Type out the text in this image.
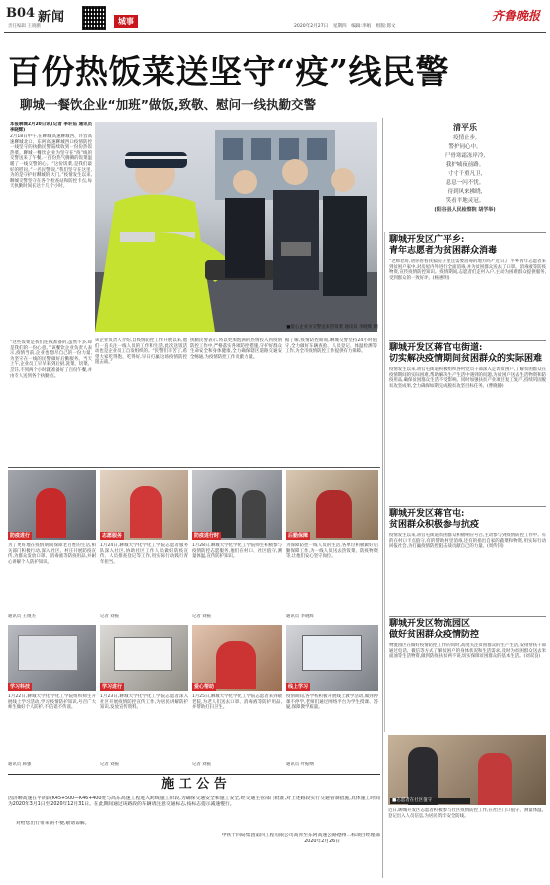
B04 新闻
责任编辑 王晓鹏
城事
2020年2月27日　星期四　编辑:李娟　组版:郎文
齐鲁晚报
百份热饭菜送坚守“疫”线民警
聊城一餐饮企业“加班”做饭,致敬、慰问一线执勤交警
本报聊城2月20日讯(记者 李轩茹 通讯员 李晓辉)
2月18日中午,在聊城高速聊城西、许营高速聊城北口、东阿高速聊城西口疫情防控一线坚守的执勤民警陆续收到一份份热饭热菜。聊城一餐饮企业为坚守在“疫”线的交警送来了午餐,一百份热气腾腾的饭菜温暖了一线交警的心。“这份饭菜,是我们最好的慰问。”一名民警说,“我们坚守在这里,为的是守护好聊城的大门。”疫情发生以来,聊城交警坚守在各个检查站和防控卡点,每天执勤时间长达十几个小时。
■爱心企业为交警送来热饭菜 通讯员 李晓辉 摄
“这些饭菜是我们连夜准备的,虽然不多,却是我们的一份心意。”该餐饮企业负责人表示,疫情当前,企业也想尽自己的一份力量,为坚守在一线的民警做好后勤服务。当天上午,企业员工早早来到后厨,洗菜、切菜、烹饪,不到两个小时就准备好了百份午餐,并由专人送到各个执勤点。
该企业负责人介绍,自疫情防控工作开展以来,他们一直关注一线人员的工作和生活,此次送饭活动也是企业员工自发组织的。“民警们辛苦了,希望大家吃得饱、吃得好,早日打赢这场疫情防控阻击战。”
执勤民警表示,将以更加饱满的热情投入到疫情防控工作中,严格落实各项防控措施,守护好群众生命安全和身体健康,全力确保辖区道路交通安全畅通,为疫情防控工作贡献力量。
据了解,疫情防控期间,聊城交警坚持24小时值守,全力做好车辆查验、人员登记、体温检测等工作,为全市疫情防控工作提供有力保障。
清平乐
疫情止步,
警护同心中。
尸骨寒霜冻岸冷,
我护城夜前路。
寸寸千重凡卫,
息息一闪不忧。
待到风来拂晓,
笑看平地灵冠。
(阳谷县人民检察院 胡学举)
聊城开发区广平乡:
青年志愿者为贫困群众消毒
“老师您好,请你看看我家院子里还需要消毒的地方吗?”近日,广平乡青年志愿者来到贫困户家中,对房屋内外进行全面消毒,并为贫困群众送去了口罩、消毒液等防疫物资,宣传疫情防控知识。疫情期间,志愿者们走村入户,主动为困难群众提供服务,受到群众的一致好评。(杨惠明)
聊城开发区蒋官屯街道:
切实解决疫情期间贫困群众的实际困难
疫情发生以来,蒋官屯街道积极组织各村党员干部深入走访贫困户,了解贫困群众在疫情期间的实际困难,帮助解决生产生活中遇到的问题,为贫困户送去生活物资和防疫用品,确保贫困群众生活不受影响。同时加强扶贫产业项目复工复产,持续巩固脱贫攻坚成果,全力确保如期完成脱贫攻坚目标任务。(曹晓静)
聊城开发区蒋官屯:
贫困群众积极参与抗疫
疫情发生以来,蒋官屯街道贫困群众积极响应号召,主动参与到疫情防控工作中。有的在村口卡点值守,有的帮助村里消毒,还有的捐出自家的蔬菜和物资,用实际行动回报社会,为打赢疫情防控阻击战贡献自己的力量。(周传钊)
聊城开发区物流园区
做好贫困群众疫情防控
物流园区在做好疫情防控工作的同时,高度关注贫困群众的生产生活,安排帮扶干部通过电话、微信等方式了解贫困户的身体状况和生活需求,及时为贫困群众送去米面油等生活物资,做到防疫扶贫两不误,切实保障贫困群众的基本生活。(刘双良)
防疫进行	志愿服务	防疫进行时	后勤保障
为了更好地在疫情期间保障老百姓的生活,相关部门积极行动,深入社区、村庄开展防疫宣传,为群众发放口罩、消毒液等防疫用品,并耐心讲解个人防护知识。
通讯员 王俊杰
1月24日,聊城大学化学化工学院志愿者服务队深入社区,协助社区工作人员做好防疫宣传、人员排查登记等工作,用实际行动践行青年担当。
记者 刘振
1月28日,聊城大学化学化工学院师生积极参与疫情防控志愿服务,他们在村口、社区值守,测量体温,宣传防护知识。
记者 刘振
为保障防控一线人员的生活,各单位积极做好后勤保障工作,为一线人员送去热饭菜、防疫物资等,让他们安心坚守岗位。
通讯员 李晓辉
学习科技	学习进行	爱心帮助	线上学习
1月22日,聊城大学化学化工学院组织师生开展线上学习活动,学习疫情防护知识,号召广大师生做好个人防护,不信谣不传谣。
通讯员 韩强
1月23日,聊城大学化学化工学院志愿者深入社区开展疫情防控宣传工作,为居民讲解防护知识,发放宣传资料。
记者 刘振
1月25日,聊城大学化学化工学院志愿者来到敬老院,为老人们送去口罩、消毒液等防护用品,并帮助打扫卫生。
记者 刘振
疫情期间,各学校积极开展线上教学活动,做到停课不停学,老师们通过网络平台为学生授课、答疑,保障教学质量。
通讯员 叶振纲
■志愿者在社区值守
近日,聊城开发区志愿者积极参与社区疫情防控工作,在社区门口值守、测量体温、登记出入人员信息,为居民筑牢安全防线。
施 工 公 告
因济聊高速在平阴段K45+500—K46+400处与高东高速工程进入跨线施工阶段,为确保交通安全和施工安全,经交通主管部门批准,对上述路段实行交通管制措施,具体施工时间为2020年3月1日至2020年12月31日。在此期间通过该路段的车辆请注意交通标志,按标志提示减速慢行。
对给您出行带来的不便,敬请谅解。
中铁十四局集团第四工程有限公司高青至东阿高速公路德州二标项目经理部
2020年2月26日
